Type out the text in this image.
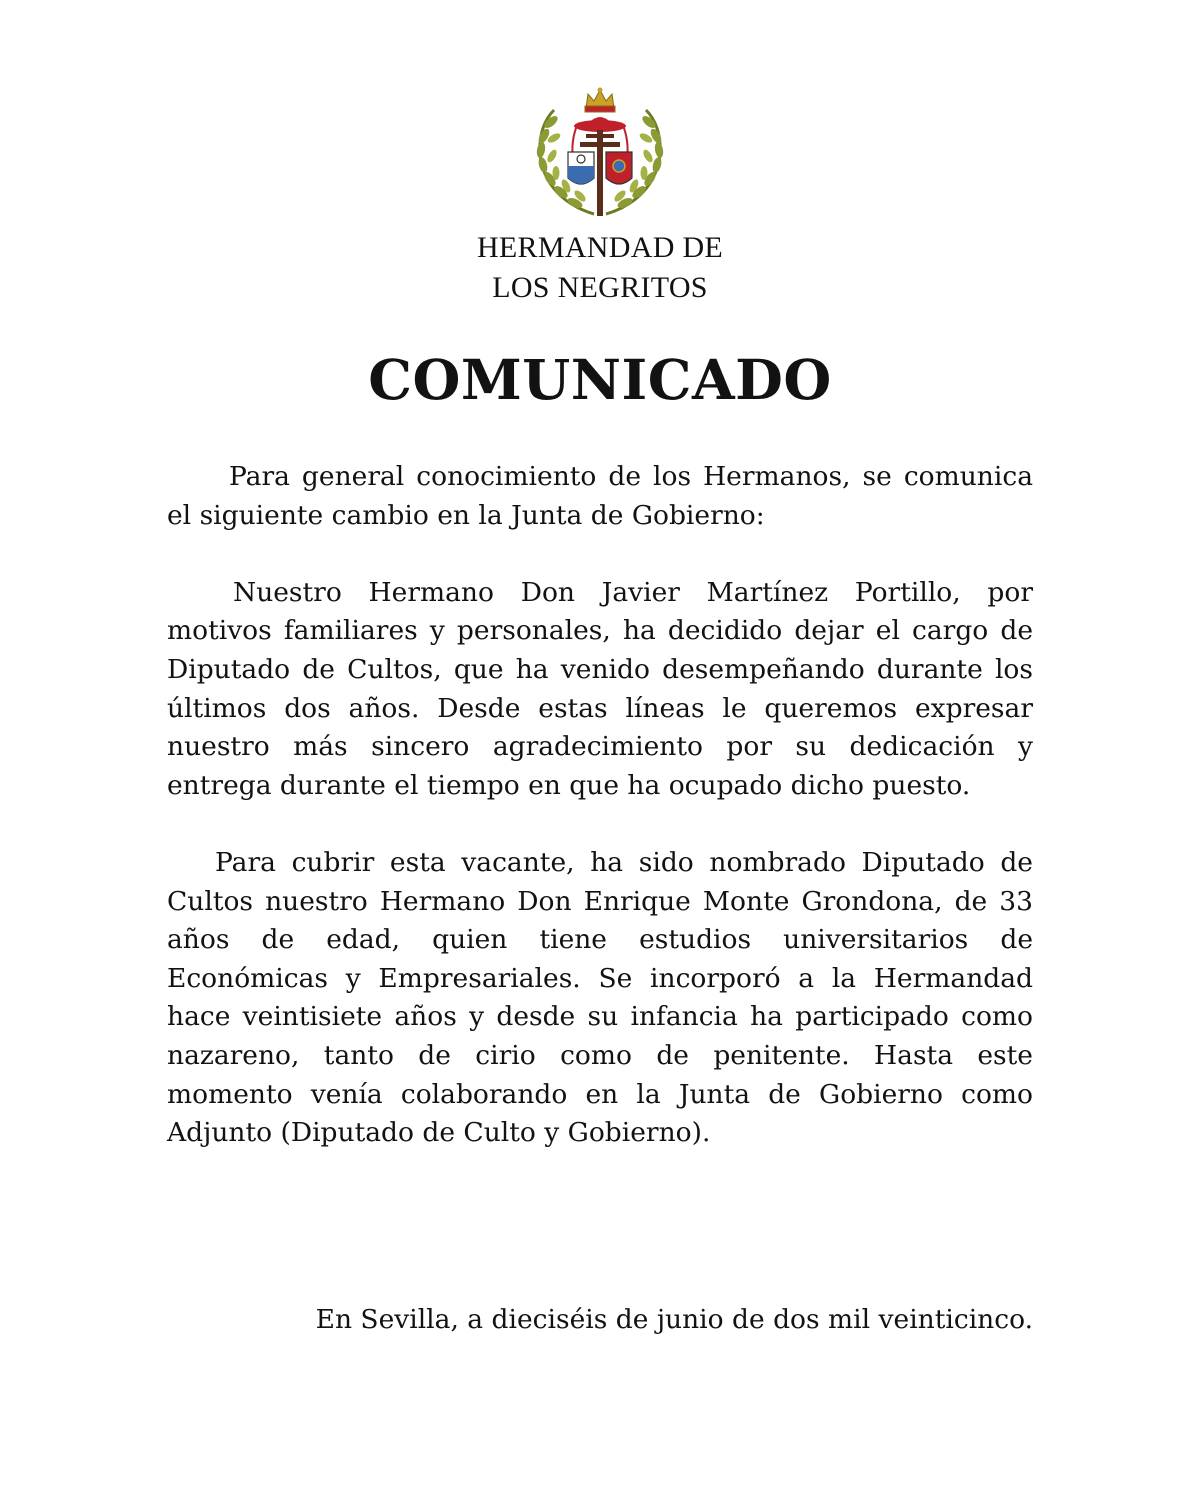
HERMANDAD DE
LOS NEGRITOS
COMUNICADO

Para general conocimiento de los Hermanos, se comunica el siguiente cambio en la Junta de Gobierno:

Nuestro Hermano Don Javier Martínez Portillo, por motivos familiares y personales, ha decidido dejar el cargo de Diputado de Cultos, que ha venido desempeñando durante los últimos dos años. Desde estas líneas le queremos expresar nuestro más sincero agradecimiento por su dedicación y entrega durante el tiempo en que ha ocupado dicho puesto.

Para cubrir esta vacante, ha sido nombrado Diputado de Cultos nuestro Hermano Don Enrique Monte Grondona, de 33 años de edad, quien tiene estudios universitarios de Económicas y Empresariales. Se incorporó a la Hermandad hace veintisiete años y desde su infancia ha participado como nazareno, tanto de cirio como de penitente. Hasta este momento venía colaborando en la Junta de Gobierno como Adjunto (Diputado de Culto y Gobierno).

En Sevilla, a dieciséis de junio de dos mil veinticinco.
